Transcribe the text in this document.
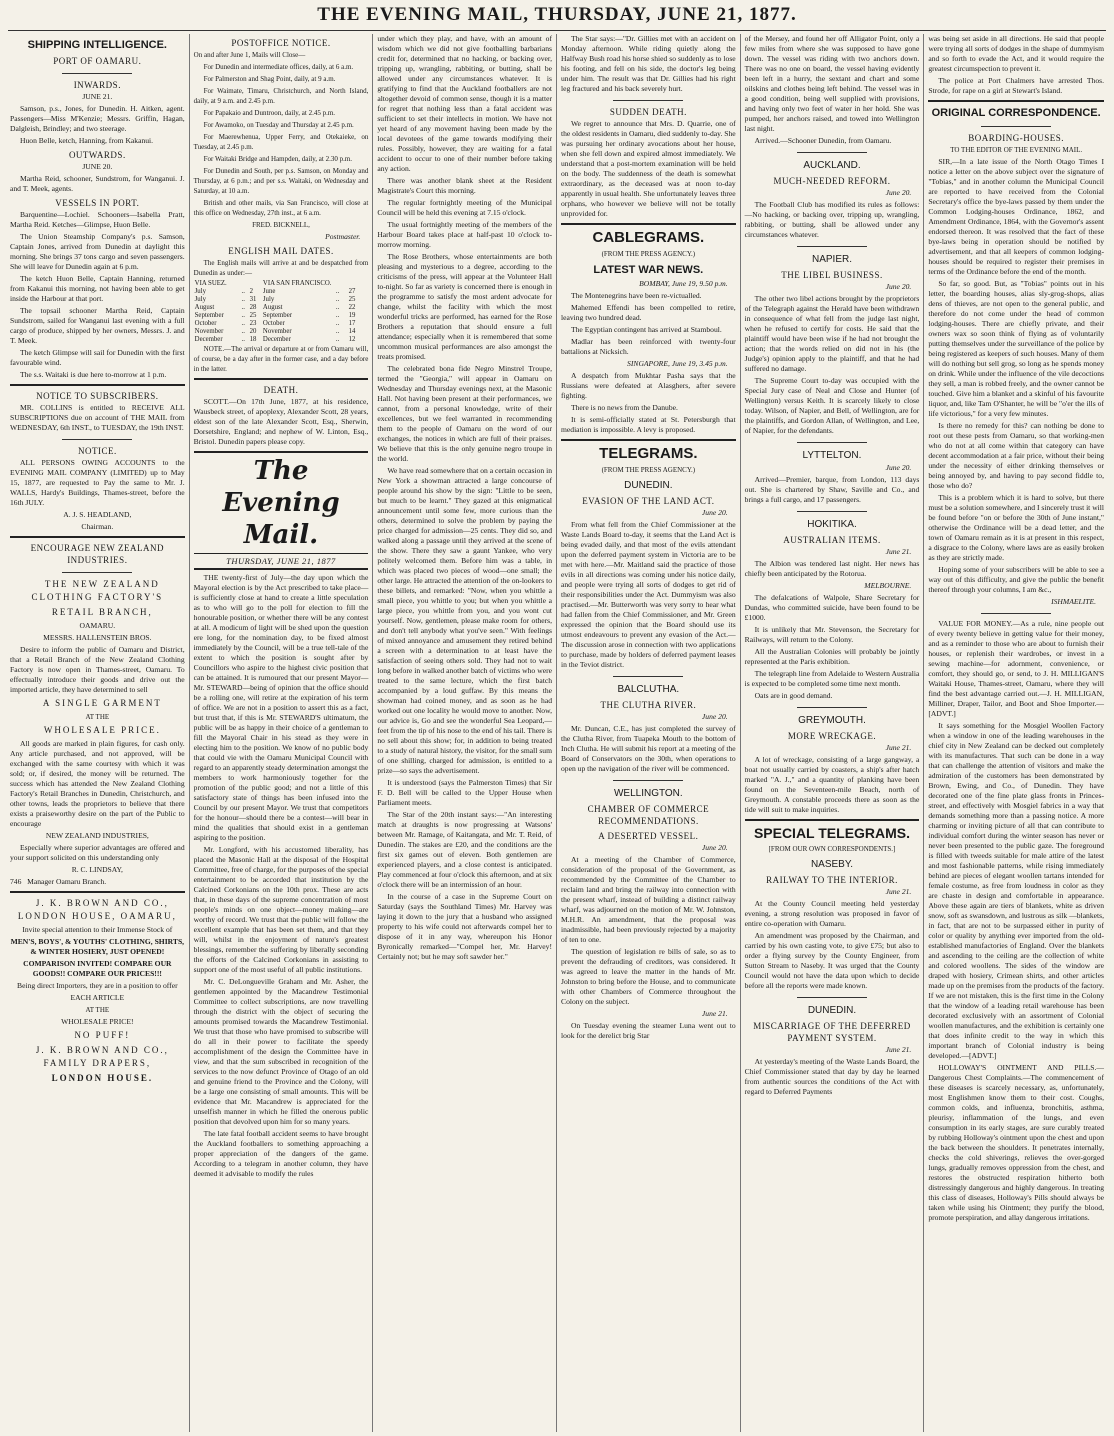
THE EVENING MAIL, THURSDAY, JUNE 21, 1877.
SHIPPING INTELLIGENCE.
PORT OF OAMARU.
INWARDS.

JUNE 21.

Samson, p.s., Jones, for Dunedin. H. Aitken, agent. Passengers—Miss M'Kenzie; Messrs. Griffin, Hagan, Dalgleish, Brindley; and two steerage.

Huon Belle, ketch, Hanning, from Kakanui.

OUTWARDS.

JUNE 20.

Martha Reid, schooner, Sundstrom, for Wanganui. J. and T. Meek, agents.

VESSELS IN PORT.

Barquentine—Lochiel. Schooners—Isabella Pratt, Martha Reid. Ketches—Glimpse, Huon Belle.

The Union Steamship Company's p.s. Samson, Captain Jones, arrived from Dunedin at daylight this morning. She brings 37 tons cargo and seven passengers. She will leave for Dunedin again at 6 p.m.

The ketch Huon Belle, Captain Hanning, returned from Kakanui this morning, not having been able to get inside the Harbour at that port.

The topsail schooner Martha Reid, Captain Sundstrom, sailed for Wanganui last evening with a full cargo of produce, shipped by her owners, Messrs. J. and T. Meek.

The ketch Glimpse will sail for Dunedin with the first favourable wind.

The s.s. Waitaki is due here to-morrow at 1 p.m.

NOTICE TO SUBSCRIBERS.

MR. COLLINS is entitled to RECEIVE ALL SUBSCRIPTIONS due on account of THE MAIL from WEDNESDAY, 6th INST., to TUESDAY, the 19th INST.

NOTICE.

ALL PERSONS OWING ACCOUNTS to the EVENING MAIL COMPANY (LIMITED) up to May 15, 1877, are requested to Pay the same to Mr. J. WALLS, Hardy's Buildings, Thames-street, before the 16th JULY.

A. J. S. HEADLAND,

Chairman.

ENCOURAGE NEW ZEALAND INDUSTRIES.

THE NEW ZEALAND CLOTHING FACTORY'S

RETAIL BRANCH,

OAMARU.

MESSRS. HALLENSTEIN BROS.

Desire to inform the public of Oamaru and District, that a Retail Branch of the New Zealand Clothing Factory is now open in Thames-street, Oamaru. To effectually introduce their goods and drive out the imported article, they have determined to sell

A SINGLE GARMENT

AT THE

WHOLESALE PRICE.

All goods are marked in plain figures, for cash only. Any article purchased, and not approved, will be exchanged with the same courtesy with which it was sold; or, if desired, the money will be returned. The success which has attended the New Zealand Clothing Factory's Retail Branches in Dunedin, Christchurch, and other towns, leads the proprietors to believe that there exists a praiseworthy desire on the part of the Public to encourage

NEW ZEALAND INDUSTRIES,

Especially where superior advantages are offered and your support solicited on this understanding only

R. C. LINDSAY,

746 Manager Oamaru Branch.

J. K. BROWN AND CO., LONDON HOUSE, OAMARU,

Invite special attention to their Immense Stock of

MEN'S, BOYS', & YOUTHS' CLOTHING, SHIRTS, & WINTER HOSIERY, JUST OPENED!

COMPARISON INVITED! COMPARE OUR GOODS!! COMPARE OUR PRICES!!!

Being direct Importers, they are in a position to offer

EACH ARTICLE

AT THE

WHOLESALE PRICE!

NO PUFF!

J. K. BROWN AND CO., FAMILY DRAPERS,

LONDON HOUSE.

POSTOFFICE NOTICE.

On and after June 1, Mails will Close—

For Dunedin and intermediate offices, daily, at 6 a.m.

For Palmerston and Shag Point, daily, at 9 a.m.

For Waimate, Timaru, Christchurch, and North Island, daily, at 9 a.m. and 2.45 p.m.

For Papakaio and Duntroon, daily, at 2.45 p.m.

For Awamoko, on Tuesday and Thursday at 2.45 p.m.

For Maerewhenua, Upper Ferry, and Otekaieke, on Tuesday, at 2.45 p.m.

For Waitaki Bridge and Hampden, daily, at 2.30 p.m.

For Dunedin and South, per p.s. Samson, on Monday and Thursday, at 6 p.m.; and per s.s. Waitaki, on Wednesday and Saturday, at 10 a.m.

British and other mails, via San Francisco, will close at this office on Wednesday, 27th inst., at 6 a.m.

FRED. BICKNELL,

Postmaster.

ENGLISH MAIL DATES.

The English mails will arrive at and be despatched from Dunedin as under:—

VIA SUEZ.			VIA SAN FRANCISCO.		
July	..	2	June	..	27
July	..	31	July	..	25
August	..	28	August	..	22
September	..	25	September	..	19
October	..	23	October	..	17
November	..	20	November	..	14
December	..	18	December	..	12

NOTE.—The arrival or departure at or from Oamaru will, of course, be a day after in the former case, and a day before in the latter.

DEATH.

SCOTT.—On 17th June, 1877, at his residence, Wausbeck street, of apoplexy, Alexander Scott, 28 years, eldest son of the late Alexander Scott, Esq., Sherwin, Dorsetshire, England; and nephew of W. Linton, Esq., Bristol. Dunedin papers please copy.

The Evening Mail.
THURSDAY, JUNE 21, 1877

THE twenty-first of July—the day upon which the Mayoral election is by the Act prescribed to take place—is sufficiently close at hand to create a little speculation as to who will go to the poll for election to fill the honourable position, or whether there will be any contest at all. A modicum of light will be shed upon the question ere long, for the nomination day, to be fixed almost immediately by the Council, will be a true tell-tale of the extent to which the position is sought after by Councillors who aspire to the highest civic position that can be attained. It is rumoured that our present Mayor—Mr. STEWARD—being of opinion that the office should be a rolling one, will retire at the expiration of his term of office. We are not in a position to assert this as a fact, but trust that, if this is Mr. STEWARD'S ultimatum, the public will be as happy in their choice of a gentleman to fill the Mayoral Chair in his stead as they were in electing him to the position. We know of no public body that could vie with the Oamaru Municipal Council with regard to an apparently steady determination amongst the members to work harmoniously together for the promotion of the public good; and not a little of this satisfactory state of things has been infused into the Council by our present Mayor. We trust that competitors for the honour—should there be a contest—will bear in mind the qualities that should exist in a gentleman aspiring to the position.

Mr. Longford, with his accustomed liberality, has placed the Masonic Hall at the disposal of the Hospital Committee, free of charge, for the purposes of the special entertainment to be accorded that institution by the Calcined Corkonians on the 10th prox. These are acts that, in these days of the supreme concentration of most people's minds on one object—money making—are worthy of record. We trust that the public will follow the excellent example that has been set them, and that they will, whilst in the enjoyment of nature's greatest blessings, remember the suffering by liberally seconding the efforts of the Calcined Corkonians in assisting to support one of the most useful of all public institutions.

Mr. C. DeLongueville Graham and Mr. Asher, the gentlemen appointed by the Macandrew Testimonial Committee to collect subscriptions, are now travelling through the district with the object of securing the amounts promised towards the Macandrew Testimonial. We trust that those who have promised to subscribe will do all in their power to facilitate the speedy accomplishment of the design the Committee have in view, and that the sum subscribed in recognition of the services to the now defunct Province of Otago of an old and genuine friend to the Province and the Colony, will be a large one consisting of small amounts. This will be evidence that Mr. Macandrew is appreciated for the unselfish manner in which he filled the onerous public position that devolved upon him for so many years.

The late fatal football accident seems to have brought the Auckland footballers to something approaching a proper appreciation of the dangers of the game. According to a telegram in another column, they have deemed it advisable to modify the rules

under which they play, and have, with an amount of wisdom which we did not give footballing barbarians credit for, determined that no hacking, or backing over, tripping up, wrangling, rabbiting, or butting, shall be allowed under any circumstances whatever. It is gratifying to find that the Auckland footballers are not altogether devoid of common sense, though it is a matter for regret that nothing less than a fatal accident was sufficient to set their intellects in motion. We have not yet heard of any movement having been made by the local devotees of the game towards modifying their rules. Possibly, however, they are waiting for a fatal accident to occur to one of their number before taking any action.

There was another blank sheet at the Resident Magistrate's Court this morning.

The regular fortnightly meeting of the Municipal Council will be held this evening at 7.15 o'clock.

The usual fortnightly meeting of the members of the Harbour Board takes place at half-past 10 o'clock to-morrow morning.

The Rose Brothers, whose entertainments are both pleasing and mysterious to a degree, according to the criticisms of the press, will appear at the Volunteer Hall to-night. So far as variety is concerned there is enough in the programme to satisfy the most ardent advocate for change, whilst the facility with which the most wonderful tricks are performed, has earned for the Rose Brothers a reputation that should ensure a full attendance; especially when it is remembered that some uncommon musical performances are also amongst the treats promised.

The celebrated bona fide Negro Minstrel Troupe, termed the "Georgia," will appear in Oamaru on Wednesday and Thursday evenings next, at the Masonic Hall. Not having been present at their performances, we cannot, from a personal knowledge, write of their excellences, but we feel warranted in recommending them to the people of Oamaru on the word of our exchanges, the notices in which are full of their praises. We believe that this is the only genuine negro troupe in the world.

We have read somewhere that on a certain occasion in New York a showman attracted a large concourse of people around his show by the sign: "Little to be seen, but much to be learnt." They gazed at this enigmatical announcement until some few, more curious than the others, determined to solve the problem by paying the price charged for admission—25 cents. They did so, and walked along a passage until they arrived at the scene of the show. There they saw a gaunt Yankee, who very politely welcomed them. Before him was a table, in which was placed two pieces of wood—one small; the other large. He attracted the attention of the on-lookers to these billets, and remarked: "Now, when you whittle a small piece, you whittle to you; but when you whittle a large piece, you whittle from you, and you wont cut yourself. Now, gentlemen, please make room for others, and don't tell anybody what you've seen." With feelings of mixed annoyance and amusement they retired behind a screen with a determination to at least have the satisfaction of seeing others sold. They had not to wait long before in walked another batch of victims who were treated to the same lecture, which the first batch accompanied by a loud guffaw. By this means the showman had coined money, and as soon as he had worked out one locality he would move to another. Now, our advice is, Go and see the wonderful Sea Leopard,—feet from the tip of his nose to the end of his tail. There is no sell about this show; for, in addition to being treated to a study of natural history, the visitor, for the small sum of one shilling, charged for admission, is entitled to a prize—so says the advertisement.

It is understood (says the Palmerston Times) that Sir F. D. Bell will be called to the Upper House when Parliament meets.

The Star of the 20th instant says:—"An interesting match at draughts is now progressing at Watsons' between Mr. Ramage, of Kaitangata, and Mr. T. Reid, of Dunedin. The stakes are £20, and the conditions are the first six games out of eleven. Both gentlemen are experienced players, and a close contest is anticipated. Play commenced at four o'clock this afternoon, and at six o'clock there will be an intermission of an hour.

In the course of a case in the Supreme Court on Saturday (says the Southland Times) Mr. Harvey was laying it down to the jury that a husband who assigned property to his wife could not afterwards compel her to dispose of it in any way, whereupon his Honor Byronically remarked—"Compel her, Mr. Harvey! Certainly not; but he may soft sawder her."

The Star says:—"Dr. Gillies met with an accident on Monday afternoon. While riding quietly along the Halfway Bush road his horse shied so suddenly as to lose his footing, and fell on his side, the doctor's leg being under him. The result was that Dr. Gillies had his right leg fractured and his back severely hurt.

SUDDEN DEATH.

We regret to announce that Mrs. D. Quarrie, one of the oldest residents in Oamaru, died suddenly to-day. She was pursuing her ordinary avocations about her house, when she fell down and expired almost immediately. We understand that a post-mortem examination will be held on the body. The suddenness of the death is somewhat extraordinary, as the deceased was at noon to-day apparently in usual health. She unfortunately leaves three orphans, who however we believe will not be totally unprovided for.

CABLEGRAMS.

(FROM THE PRESS AGENCY.)

LATEST WAR NEWS.

BOMBAY, June 19, 9.50 p.m.

The Montenegrins have been re-victualled.

Mahemed Effendi has been compelled to retire, leaving two hundred dead.

The Egyptian contingent has arrived at Stamboul.

Madlar has been reinforced with twenty-four battalions at Nicksich.

SINGAPORE, June 19, 3.45 p.m.

A despatch from Mukhtar Pasha says that the Russians were defeated at Alasghers, after severe fighting.

There is no news from the Danube.

It is semi-officially stated at St. Petersburgh that mediation is impossible. A levy is proposed.

TELEGRAMS.

(FROM THE PRESS AGENCY.)

DUNEDIN.
EVASION OF THE LAND ACT.

June 20.

From what fell from the Chief Commissioner at the Waste Lands Board to-day, it seems that the Land Act is being evaded daily, and that most of the evils attendant upon the deferred payment system in Victoria are to be met with here.—Mr. Maitland said the practice of those evils in all directions was coming under his notice daily, and people were trying all sorts of dodges to get rid of their responsibilities under the Act. Dummyism was also practised.—Mr. Butterworth was very sorry to hear what had fallen from the Chief Commissioner, and Mr. Green expressed the opinion that the Board should use its utmost endeavours to prevent any evasion of the Act.—The discussion arose in connection with two applications to purchase, made by holders of deferred payment leases in the Teviot district.

BALCLUTHA.
THE CLUTHA RIVER.

June 20.

Mr. Duncan, C.E., has just completed the survey of the Clutha River, from Tuapeka Mouth to the bottom of Inch Clutha. He will submit his report at a meeting of the Board of Conservators on the 30th, when operations to open up the navigation of the river will be commenced.

WELLINGTON.
CHAMBER OF COMMERCE RECOMMENDATIONS.
A DESERTED VESSEL.

June 20.

At a meeting of the Chamber of Commerce, consideration of the proposal of the Government, as recommended by the Committee of the Chamber to reclaim land and bring the railway into connection with the present wharf, instead of building a distinct railway wharf, was adjourned on the motion of Mr. W. Johnston, M.H.R. An amendment, that the proposal was inadmissible, had been previously rejected by a majority of ten to one.

The question of legislation re bills of sale, so as to prevent the defrauding of creditors, was considered. It was agreed to leave the matter in the hands of Mr. Johnston to bring before the House, and to communicate with other Chambers of Commerce throughout the Colony on the subject.

June 21.

On Tuesday evening the steamer Luna went out to look for the derelict brig Star

of the Mersey, and found her off Alligator Point, only a few miles from where she was supposed to have gone down. The vessel was riding with two anchors down. There was no one on board, the vessel having evidently been left in a hurry, the sextant and chart and some oilskins and clothes being left behind. The vessel was in a good condition, being well supplied with provisions, and having only two feet of water in her hold. She was pumped, her anchors raised, and towed into Wellington last night.

Arrived.—Schooner Dunedin, from Oamaru.

AUCKLAND.
MUCH-NEEDED REFORM.

June 20.

The Football Club has modified its rules as follows:—No hacking, or backing over, tripping up, wrangling, rabbiting, or butting, shall be allowed under any circumstances whatever.

NAPIER.
THE LIBEL BUSINESS.

June 20.

The other two libel actions brought by the proprietors of the Telegraph against the Herald have been withdrawn in consequence of what fell from the judge last night, when he refused to certify for costs. He said that the plaintiff would have been wise if he had not brought the action; that the words relied on did not in his (the Judge's) opinion apply to the plaintiff, and that he had suffered no damage.

The Supreme Court to-day was occupied with the Special Jury case of Neal and Close and Hunter (of Wellington) versus Keith. It is scarcely likely to close today. Wilson, of Napier, and Bell, of Wellington, are for the plaintiffs, and Gordon Allan, of Wellington, and Lee, of Napier, for the defendants.

LYTTELTON.

June 20.

Arrived—Premier, barque, from London, 113 days out. She is chartered by Shaw, Saville and Co., and brings a full cargo, and 17 passengers.

HOKITIKA.
AUSTRALIAN ITEMS.

June 21.

The Albion was tendered last night. Her news has chiefly been anticipated by the Rotorua.

MELBOURNE.

The defalcations of Walpole, Share Secretary for Dundas, who committed suicide, have been found to be £1000.

It is unlikely that Mr. Stevenson, the Secretary for Railways, will return to the Colony.

All the Australian Colonies will probably be jointly represented at the Paris exhibition.

The telegraph line from Adelaide to Western Australia is expected to be completed some time next month.

Oats are in good demand.

GREYMOUTH.
MORE WRECKAGE.

June 21.

A lot of wreckage, consisting of a large gangway, a boat not usually carried by coasters, a ship's after hatch marked "A. J.," and a quantity of planking have been found on the Seventeen-mile Beach, north of Greymouth. A constable proceeds there as soon as the tide will suit to make inquiries.

SPECIAL TELEGRAMS.

[FROM OUR OWN CORRESPONDENTS.]

NASEBY.
RAILWAY TO THE INTERIOR.

June 21.

At the County Council meeting held yesterday evening, a strong resolution was proposed in favor of entire co-operation with Oamaru.

An amendment was proposed by the Chairman, and carried by his own casting vote, to give £75; but also to order a flying survey by the County Engineer, from Sutton Stream to Naseby. It was urged that the County Council would not have the data upon which to decide before all the reports were made known.

DUNEDIN.
MISCARRIAGE OF THE DEFERRED PAYMENT SYSTEM.

June 21.

At yesterday's meeting of the Waste Lands Board, the Chief Commissioner stated that day by day he learned from authentic sources the conditions of the Act with regard to Deferred Payments

was being set aside in all directions. He said that people were trying all sorts of dodges in the shape of dummyism and so forth to evade the Act, and it would require the greatest circumspection to prevent it.

The police at Port Chalmers have arrested Thos. Strode, for rape on a girl at Stewart's Island.

ORIGINAL CORRESPONDENCE.
BOARDING-HOUSES.

TO THE EDITOR OF THE EVENING MAIL.

SIR,—In a late issue of the North Otago Times I notice a letter on the above subject over the signature of "Tobias," and in another column the Municipal Council are reported to have received from the Colonial Secretary's office the bye-laws passed by them under the Common Lodging-houses Ordinance, 1862, and Amendment Ordinance, 1864, with the Governor's assent endorsed thereon. It was resolved that the fact of these bye-laws being in operation should be notified by advertisement, and that all keepers of common lodging-houses should be required to register their premises in terms of the Ordinance before the end of the month.

So far, so good. But, as "Tobias" points out in his letter, the boarding houses, alias sly-grog-shops, alias dens of thieves, are not open to the general public, and therefore do not come under the head of common lodging-houses. There are chiefly private, and their owners wax so soon think of flying as of voluntarily putting themselves under the surveillance of the police by being registered as keepers of such houses. Many of them will do nothing but sell grog, so long as he spends money on drink. While under the influence of the vile decoctions they sell, a man is robbed freely, and the owner cannot be touched. Give him a blanket and a skinful of his favourite liquor, and, like Tam O'Shanter, he will be "o'er the ills of life victorious," for a very few minutes.

Is there no remedy for this? can nothing be done to root out these pests from Oamaru, so that working-men who do not at all come within that category can have decent accommodation at a fair price, without their being under the necessity of either drinking themselves or being annoyed by, and having to pay second fiddle to, those who do?

This is a problem which it is hard to solve, but there must be a solution somewhere, and I sincerely trust it will be found before "on or before the 30th of June instant," otherwise the Ordinance will be a dead letter, and the town of Oamaru remain as it is at present in this respect, a disgrace to the Colony, where laws are as easily broken as they are strictly made.

Hoping some of your subscribers will be able to see a way out of this difficulty, and give the public the benefit thereof through your columns, I am &c.,

ISHMAELITE.

VALUE FOR MONEY.—As a rule, nine people out of every twenty believe in getting value for their money, and as a reminder to those who are about to furnish their houses, or replenish their wardrobes, or invest in a sewing machine—for adornment, convenience, or comfort, they should go, or send, to J. H. MILLIGAN'S Waitaki House, Thames-street, Oamaru, where they will find the best advantage carried out.—J. H. MILLIGAN, Milliner, Draper, Tailor, and Boot and Shoe Importer.—[ADVT.]

It says something for the Mosgiel Woollen Factory when a window in one of the leading warehouses in the chief city in New Zealand can be decked out completely with its manufactures. That such can be done in a way that can challenge the attention of visitors and make the admiration of the customers has been demonstrated by Brown, Ewing, and Co., of Dunedin. They have decorated one of the fine plate glass fronts in Princes-street, and effectively with Mosgiel fabrics in a way that demands something more than a passing notice. A more charming or inviting picture of all that can contribute to individual comfort during the winter season has never or never been presented to the public gaze. The foreground is filled with tweeds suitable for male attire of the latest and most fashionable patterns, while rising immediately behind are pieces of elegant woollen tartans intended for female costume, as free from loudness in color as they are chaste in design and comfortable in appearance. Above these again are tiers of blankets, white as driven snow, soft as swansdown, and lustrous as silk —blankets, in fact, that are not to be surpassed either in purity of color or quality by anything ever imported from the old-established manufactories of England. Over the blankets and ascending to the ceiling are the collection of white and colored woollens. The sides of the window are draped with hosiery, Crimean shirts, and other articles made up on the premises from the products of the factory. If we are not mistaken, this is the first time in the Colony that the window of a leading retail warehouse has been decorated exclusively with an assortment of Colonial woollen manufactures, and the exhibition is certainly one that does infinite credit to the way in which this important branch of Colonial industry is being developed.—[ADVT.]

HOLLOWAY'S OINTMENT AND PILLS.—Dangerous Chest Complaints.—The commencement of these diseases is scarcely necessary, as, unfortunately, most Englishmen know them to their cost. Coughs, common colds, and influenza, bronchitis, asthma, pleurisy, inflammation of the lungs, and even consumption in its early stages, are sure curably treated by rubbing Holloway's ointment upon the chest and upon the back between the shoulders. It penetrates internally, checks the cold shiverings, relieves the over-gorged lungs, gradually removes oppression from the chest, and restores the obstructed respiration hitherto both distressingly dangerous and highly dangerous. In treating this class of diseases, Holloway's Pills should always be taken while using his Ointment; they purify the blood, promote perspiration, and allay dangerous irritations.
